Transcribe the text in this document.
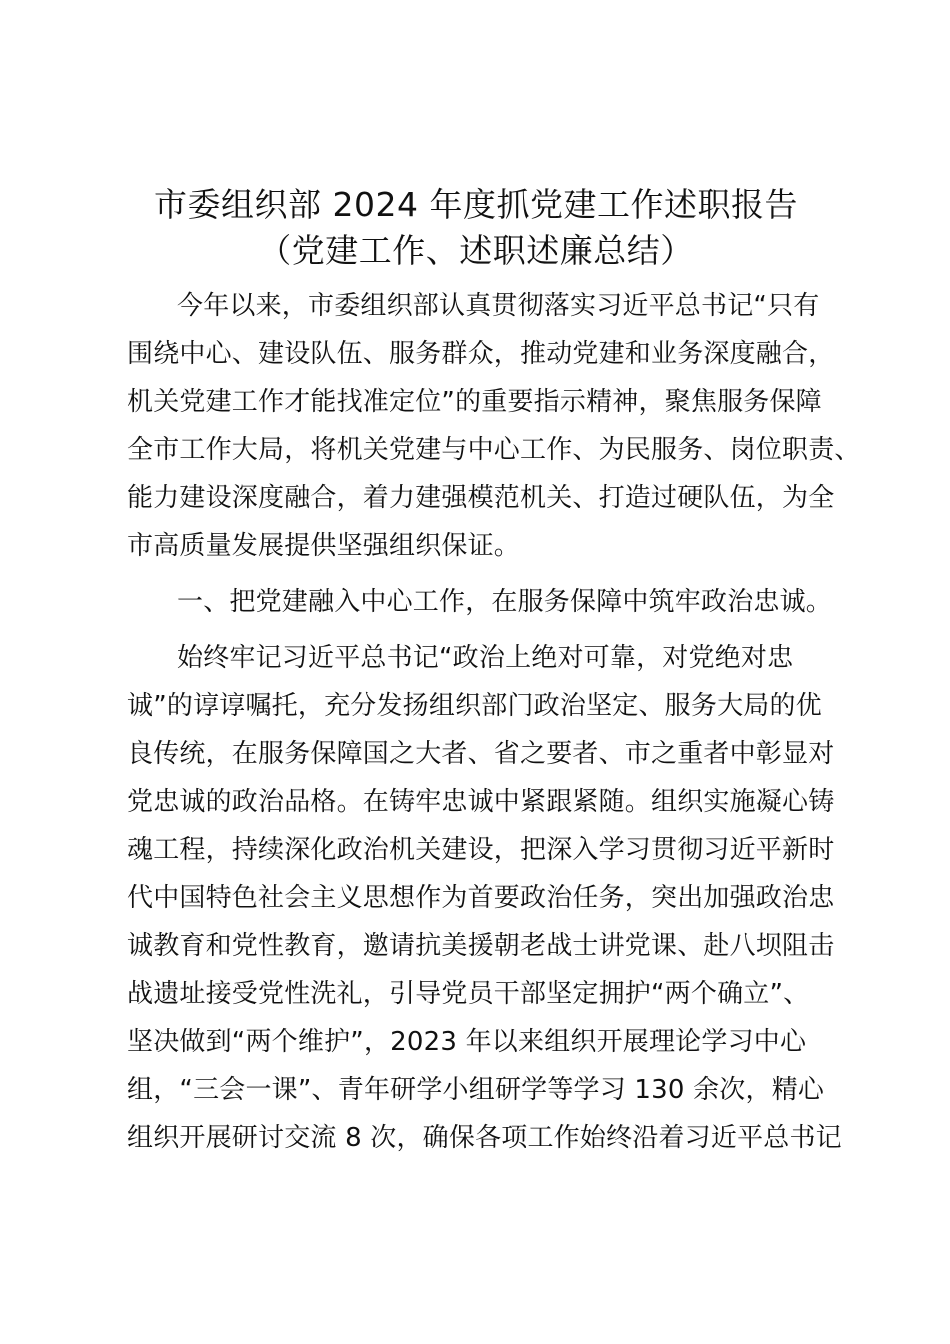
市委组织部 2024 年度抓党建工作述职报告
（党建工作、述职述廉总结）
今年以来，市委组织部认真贯彻落实习近平总书记“只有
围绕中心、建设队伍、服务群众，推动党建和业务深度融合，
机关党建工作才能找准定位”的重要指示精神，聚焦服务保障
全市工作大局，将机关党建与中心工作、为民服务、岗位职责、
能力建设深度融合，着力建强模范机关、打造过硬队伍，为全
市高质量发展提供坚强组织保证。
一、把党建融入中心工作，在服务保障中筑牢政治忠诚。
始终牢记习近平总书记“政治上绝对可靠，对党绝对忠
诚”的谆谆嘱托，充分发扬组织部门政治坚定、服务大局的优
良传统，在服务保障国之大者、省之要者、市之重者中彰显对
党忠诚的政治品格。在铸牢忠诚中紧跟紧随。组织实施凝心铸
魂工程，持续深化政治机关建设，把深入学习贯彻习近平新时
代中国特色社会主义思想作为首要政治任务，突出加强政治忠
诚教育和党性教育，邀请抗美援朝老战士讲党课、赴八坝阻击
战遗址接受党性洗礼，引导党员干部坚定拥护“两个确立”、
坚决做到“两个维护”，2023 年以来组织开展理论学习中心
组，“三会一课”、青年研学小组研学等学习 130 余次，精心
组织开展研讨交流 8 次，确保各项工作始终沿着习近平总书记
